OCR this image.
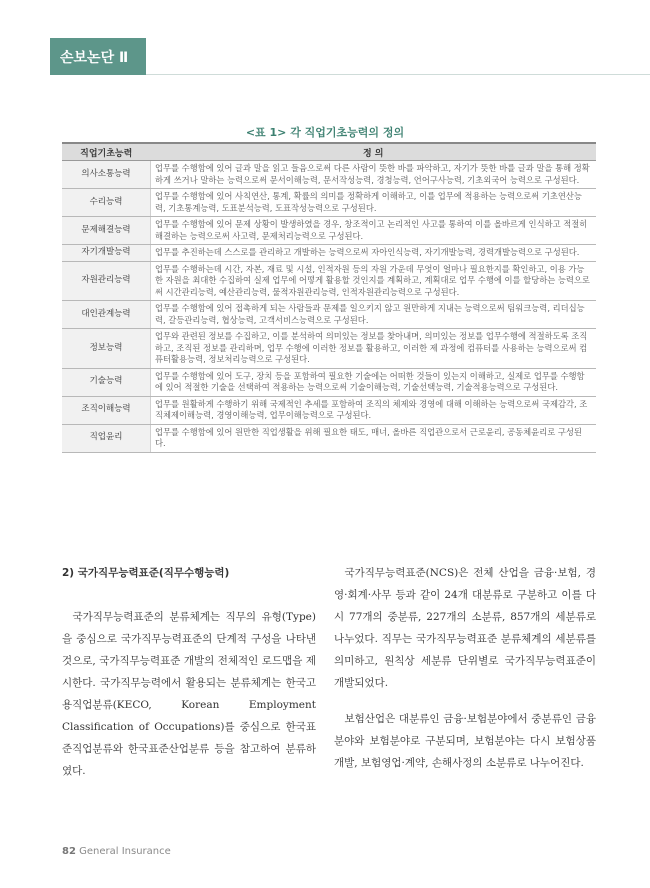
손보논단 Ⅱ
<표 1> 각 직업기초능력의 정의
직업기초능력	정 의
의사소통능력	업무를 수행함에 있어 글과 말을 읽고 들음으로써 다른 사람이 뜻한 바를 파악하고, 자기가 뜻한 바를 글과 말을 통해 정확하게 쓰거나 말하는 능력으로써 문서이해능력, 문서작성능력, 경청능력, 언어구사능력, 기초외국어 능력으로 구성된다.
수리능력	업무를 수행함에 있어 사칙연산, 통계, 확률의 의미를 정확하게 이해하고, 이를 업무에 적용하는 능력으로써 기초연산능력, 기초통계능력, 도표분석능력, 도표작성능력으로 구성된다.
문제해결능력	업무를 수행함에 있어 문제 상황이 발생하였을 경우, 창조적이고 논리적인 사고를 통하여 이를 올바르게 인식하고 적절히 해결하는 능력으로써 사고력, 문제처리능력으로 구성된다.
자기개발능력	업무를 추진하는데 스스로를 관리하고 개발하는 능력으로써 자아인식능력, 자기개발능력, 경력개발능력으로 구성된다.
자원관리능력	업무를 수행하는데 시간, 자본, 재료 및 시설, 인적자원 등의 자원 가운데 무엇이 얼마나 필요한지를 확인하고, 이용 가능한 자원을 최대한 수집하여 실제 업무에 어떻게 활용할 것인지를 계획하고, 계획대로 업무 수행에 이를 할당하는 능력으로써 시간관리능력, 예산관리능력, 물적자원관리능력, 인적자원관리능력으로 구성된다.
대인관계능력	업무를 수행함에 있어 접촉하게 되는 사람들과 문제를 일으키지 않고 원만하게 지내는 능력으로써 팀워크능력, 리더십능력, 갈등관리능력, 협상능력, 고객서비스능력으로 구성된다.
정보능력	업무와 관련된 정보를 수집하고, 이를 분석하여 의미있는 정보를 찾아내며, 의미있는 정보를 업무수행에 적절하도록 조직하고, 조직된 정보를 관리하며, 업무 수행에 이러한 정보를 활용하고, 이러한 제 과정에 컴퓨터를 사용하는 능력으로써 컴퓨터활용능력, 정보처리능력으로 구성된다.
기술능력	업무를 수행함에 있어 도구, 장치 등을 포함하여 필요한 기술에는 어떠한 것들이 있는지 이해하고, 실제로 업무를 수행함에 있어 적절한 기술을 선택하여 적용하는 능력으로써 기술이해능력, 기술선택능력, 기술적용능력으로 구성된다.
조직이해능력	업무를 원활하게 수행하기 위해 국제적인 추세를 포함하여 조직의 체제와 경영에 대해 이해하는 능력으로써 국제감각, 조직체제이해능력, 경영이해능력, 업무이해능력으로 구성된다.
직업윤리	업무를 수행함에 있어 원만한 직업생활을 위해 필요한 태도, 매너, 올바른 직업관으로서 근로윤리, 공동체윤리로 구성된다.

2) 국가직무능력표준(직무수행능력)

국가직무능력표준의 분류체계는 직무의 유형(Type)을 중심으로 국가직무능력표준의 단계적 구성을 나타낸 것으로, 국가직무능력표준 개발의 전체적인 로드맵을 제시한다. 국가직무능력에서 활용되는 분류체계는 한국고용직업분류(KECO, Korean Employment Classification of Occupations)를 중심으로 한국표준직업분류와 한국표준산업분류 등을 참고하여 분류하였다.

국가직무능력표준(NCS)은 전체 산업을 금융·보험, 경영·회계·사무 등과 같이 24개 대분류로 구분하고 이를 다시 77개의 중분류, 227개의 소분류, 857개의 세분류로 나누었다. 직무는 국가직무능력표준 분류체계의 세분류를 의미하고, 원칙상 세분류 단위별로 국가직무능력표준이 개발되었다.

보험산업은 대분류인 금융·보험분야에서 중분류인 금융분야와 보험분야로 구분되며, 보험분야는 다시 보험상품개발, 보험영업·계약, 손해사정의 소분류로 나누어진다.

82 General Insurance
